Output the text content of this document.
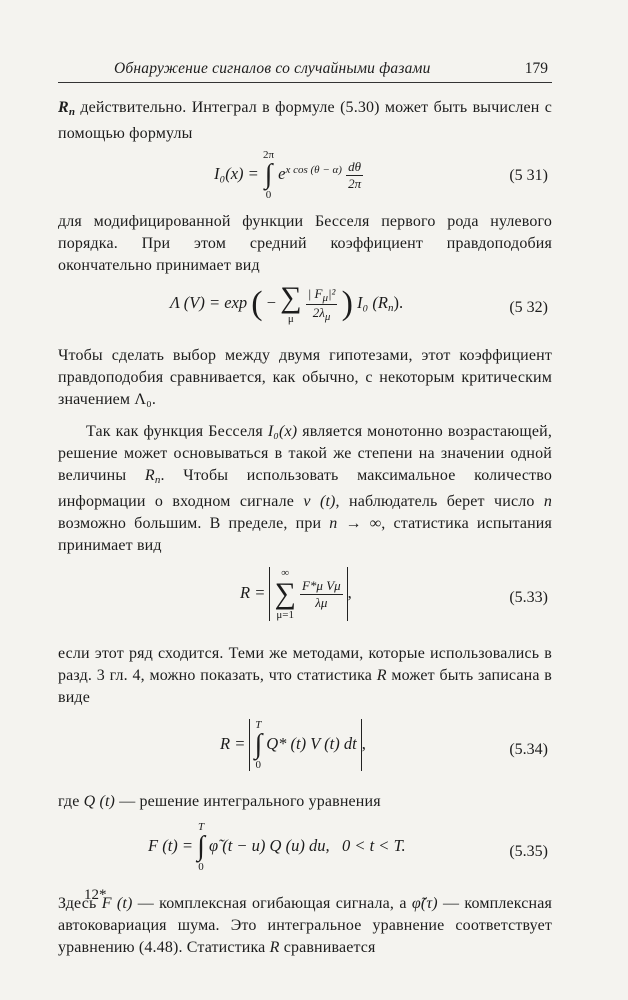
Обнаружение сигналов со случайными фазами	179

$R_n$ действительно. Интеграл в формуле (5.30) может быть вычислен с помощью формулы

I₀(x) = 2π
∫
0 $e^{x cos (\theta - \alpha)} \frac{d\theta}{2\pi}$	(5 31)

для модифицированной функции Бесселя первого рода нулевого порядка. При этом средний коэффициент правдоподобия окончательно принимает вид

Λ (V) = exp ( − ∑
μ $\frac{| F_\mu|^2}{2\lambda_\mu}$ ) I₀ $(R_n)$.	(5 32)

Чтобы сделать выбор между двумя гипотезами, этот коэффициент правдоподобия сравнивается, как обычно, с некоторым критическим значением Λ₀.

Так как функция Бесселя I₀(x) является монотонно возрастающей, решение может основываться в такой же степени на значении одной величины $R_n$. Чтобы использовать максимальное количество информации о входном сигнале v (t), наблюдатель берет число n возможно большим. В пределе, при n → ∞, статистика испытания принимает вид

R = ∞
∑
μ=1
$\frac{\text{F*μ Vμ}}{\lambda\mu}$ ,	(5.33)

если этот ряд сходится. Теми же методами, которые использовались в разд. 3 гл. 4, можно показать, что статистика R может быть записана в виде

R = T
∫
0 Q* (t) V (t) dt ,	(5.34)

где Q (t) — решение интегрального уравнения

F (t) = T
∫
0 φ̃ (t − u) Q (u) du, 0 < t < T.	(5.35)

Здесь F (t) — комплексная огибающая сигнала, а φ̃(τ) — комплексная автоковариация шума. Это интегральное уравнение соответствует уравнению (4.48). Статистика R сравнивается

12*
